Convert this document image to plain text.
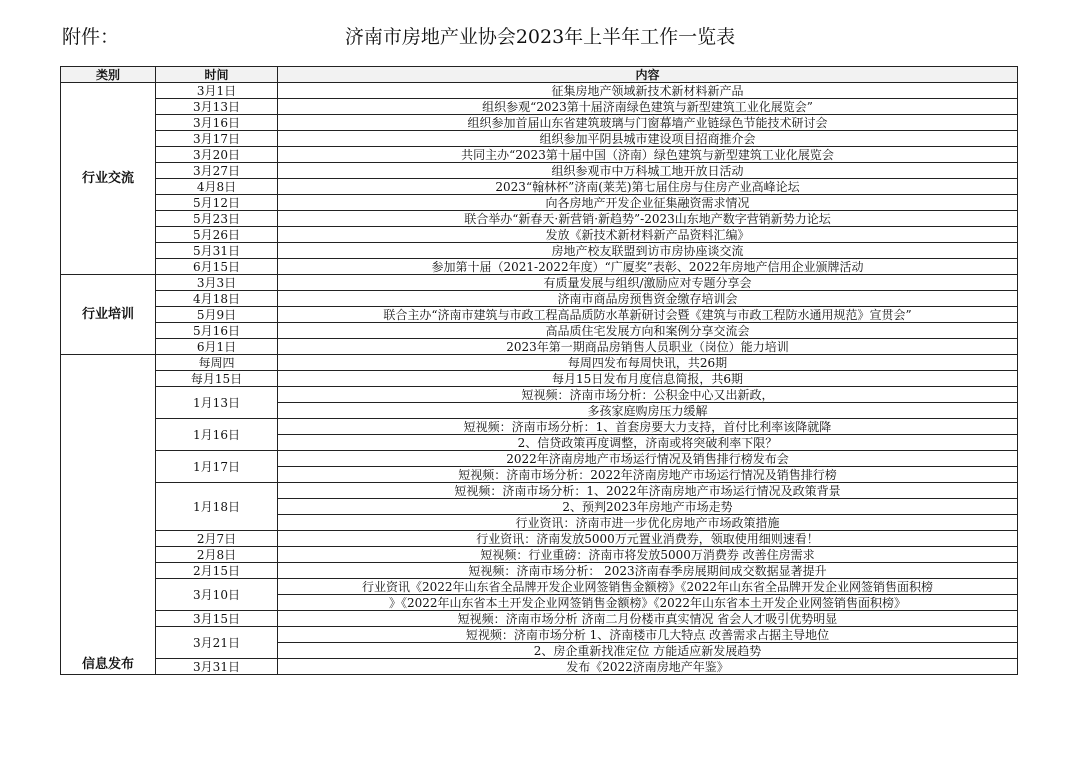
附件：	济南市房地产业协会2023年上半年工作一览表
类别	时间	内容
行业交流	3月1日	征集房地产领域新技术新材料新产品
	3月13日	组织参观“2023第十届济南绿色建筑与新型建筑工业化展览会”
	3月16日	组织参加首届山东省建筑玻璃与门窗幕墙产业链绿色节能技术研讨会
	3月17日	组织参加平阴县城市建设项目招商推介会
	3月20日	共同主办“2023第十届中国（济南）绿色建筑与新型建筑工业化展览会
	3月27日	组织参观市中万科城工地开放日活动
	4月8日	2023“翰林杯”济南(莱芜)第七届住房与住房产业高峰论坛
	5月12日	向各房地产开发企业征集融资需求情况
	5月23日	联合举办“新春天·新营销·新趋势”-2023山东地产数字营销新势力论坛
	5月26日	发放《新技术新材料新产品资料汇编》
	5月31日	房地产校友联盟到访市房协座谈交流
	6月15日	参加第十届（2021-2022年度）“广厦奖”表彰、2022年房地产信用企业颁牌活动
行业培训	3月3日	有质量发展与组织/激励应对专题分享会
	4月18日	济南市商品房预售资金缴存培训会
	5月9日	联合主办“济南市建筑与市政工程高品质防水革新研讨会暨《建筑与市政工程防水通用规范》宣贯会”
	5月16日	高品质住宅发展方向和案例分享交流会
	6月1日	2023年第一期商品房销售人员职业（岗位）能力培训
信息发布	每周四	每周四发布每周快讯，共26期
	每月15日	每月15日发布月度信息简报，共6期
	1月13日	短视频：济南市场分析：公积金中心又出新政，
		多孩家庭购房压力缓解
	1月16日	短视频：济南市场分析：1、首套房要大力支持，首付比利率该降就降
		2、信贷政策再度调整，济南或将突破利率下限？
	1月17日	2022年济南房地产市场运行情况及销售排行榜发布会
		短视频：济南市场分析：2022年济南房地产市场运行情况及销售排行榜
	1月18日	短视频：济南市场分析：1、2022年济南房地产市场运行情况及政策背景
		2、预判2023年房地产市场走势
		行业资讯：济南市进一步优化房地产市场政策措施
	2月7日	行业资讯：济南发放5000万元置业消费券，领取使用细则速看！
	2月8日	短视频：行业重磅：济南市将发放5000万消费券 改善住房需求
	2月15日	短视频：济南市场分析： 2023济南春季房展期间成交数据显著提升
	3月10日	行业资讯《2022年山东省全品牌开发企业网签销售金额榜》《2022年山东省全品牌开发企业网签销售面积榜
		》《2022年山东省本土开发企业网签销售金额榜》《2022年山东省本土开发企业网签销售面积榜》
	3月15日	短视频：济南市场分析 济南二月份楼市真实情况 省会人才吸引优势明显
	3月21日	短视频：济南市场分析 1、济南楼市几大特点 改善需求占据主导地位
		2、房企重新找准定位 方能适应新发展趋势
	3月31日	发布《2022济南房地产年鉴》
